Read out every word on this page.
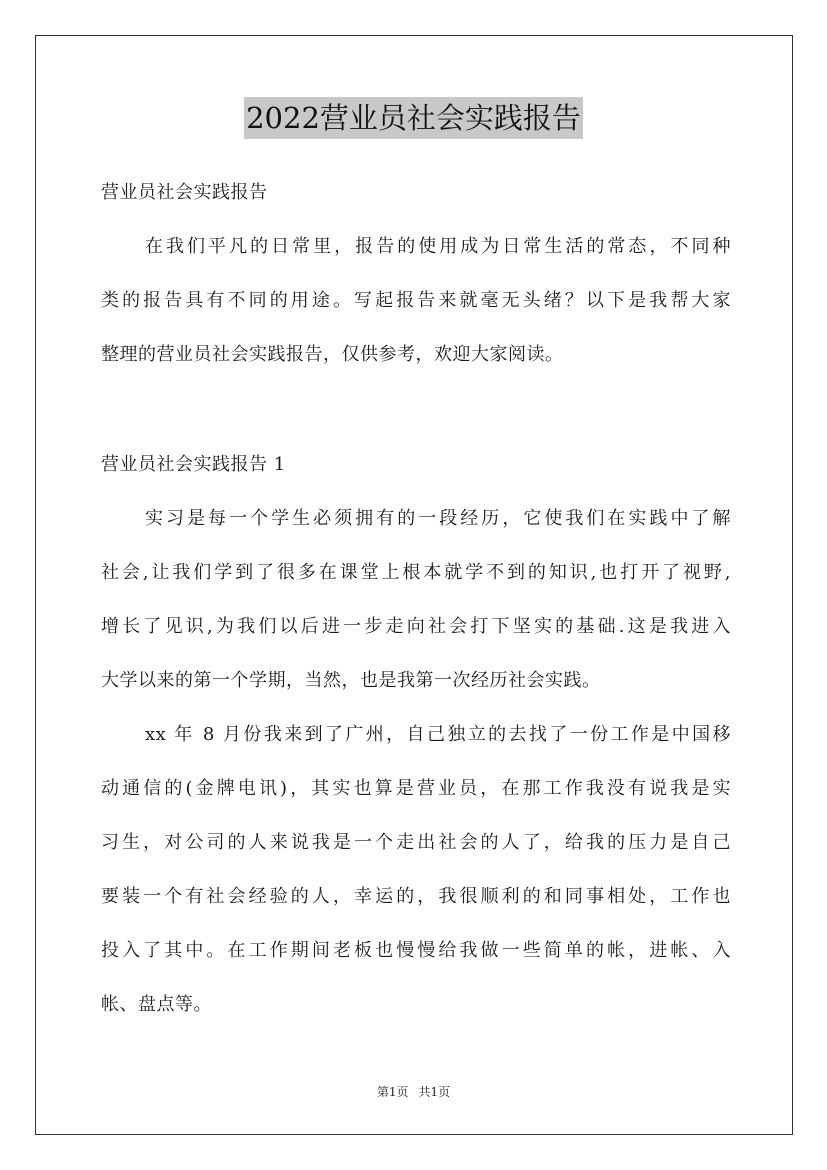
2022营业员社会实践报告
营业员社会实践报告
在我们平凡的日常里，报告的使用成为日常生活的常态，不同种
类的报告具有不同的用途。写起报告来就毫无头绪？以下是我帮大家
整理的营业员社会实践报告，仅供参考，欢迎大家阅读。
营业员社会实践报告 1
实习是每一个学生必须拥有的一段经历，它使我们在实践中了解
社会,让我们学到了很多在课堂上根本就学不到的知识,也打开了视野,
增长了见识,为我们以后进一步走向社会打下坚实的基础.这是我进入
大学以来的第一个学期，当然，也是我第一次经历社会实践。
xx 年 8 月份我来到了广州，自己独立的去找了一份工作是中国移
动通信的(金牌电讯)，其实也算是营业员，在那工作我没有说我是实
习生，对公司的人来说我是一个走出社会的人了，给我的压力是自己
要装一个有社会经验的人，幸运的，我很顺利的和同事相处，工作也
投入了其中。在工作期间老板也慢慢给我做一些简单的帐，进帐、入
帐、盘点等。
第1页 共1页
